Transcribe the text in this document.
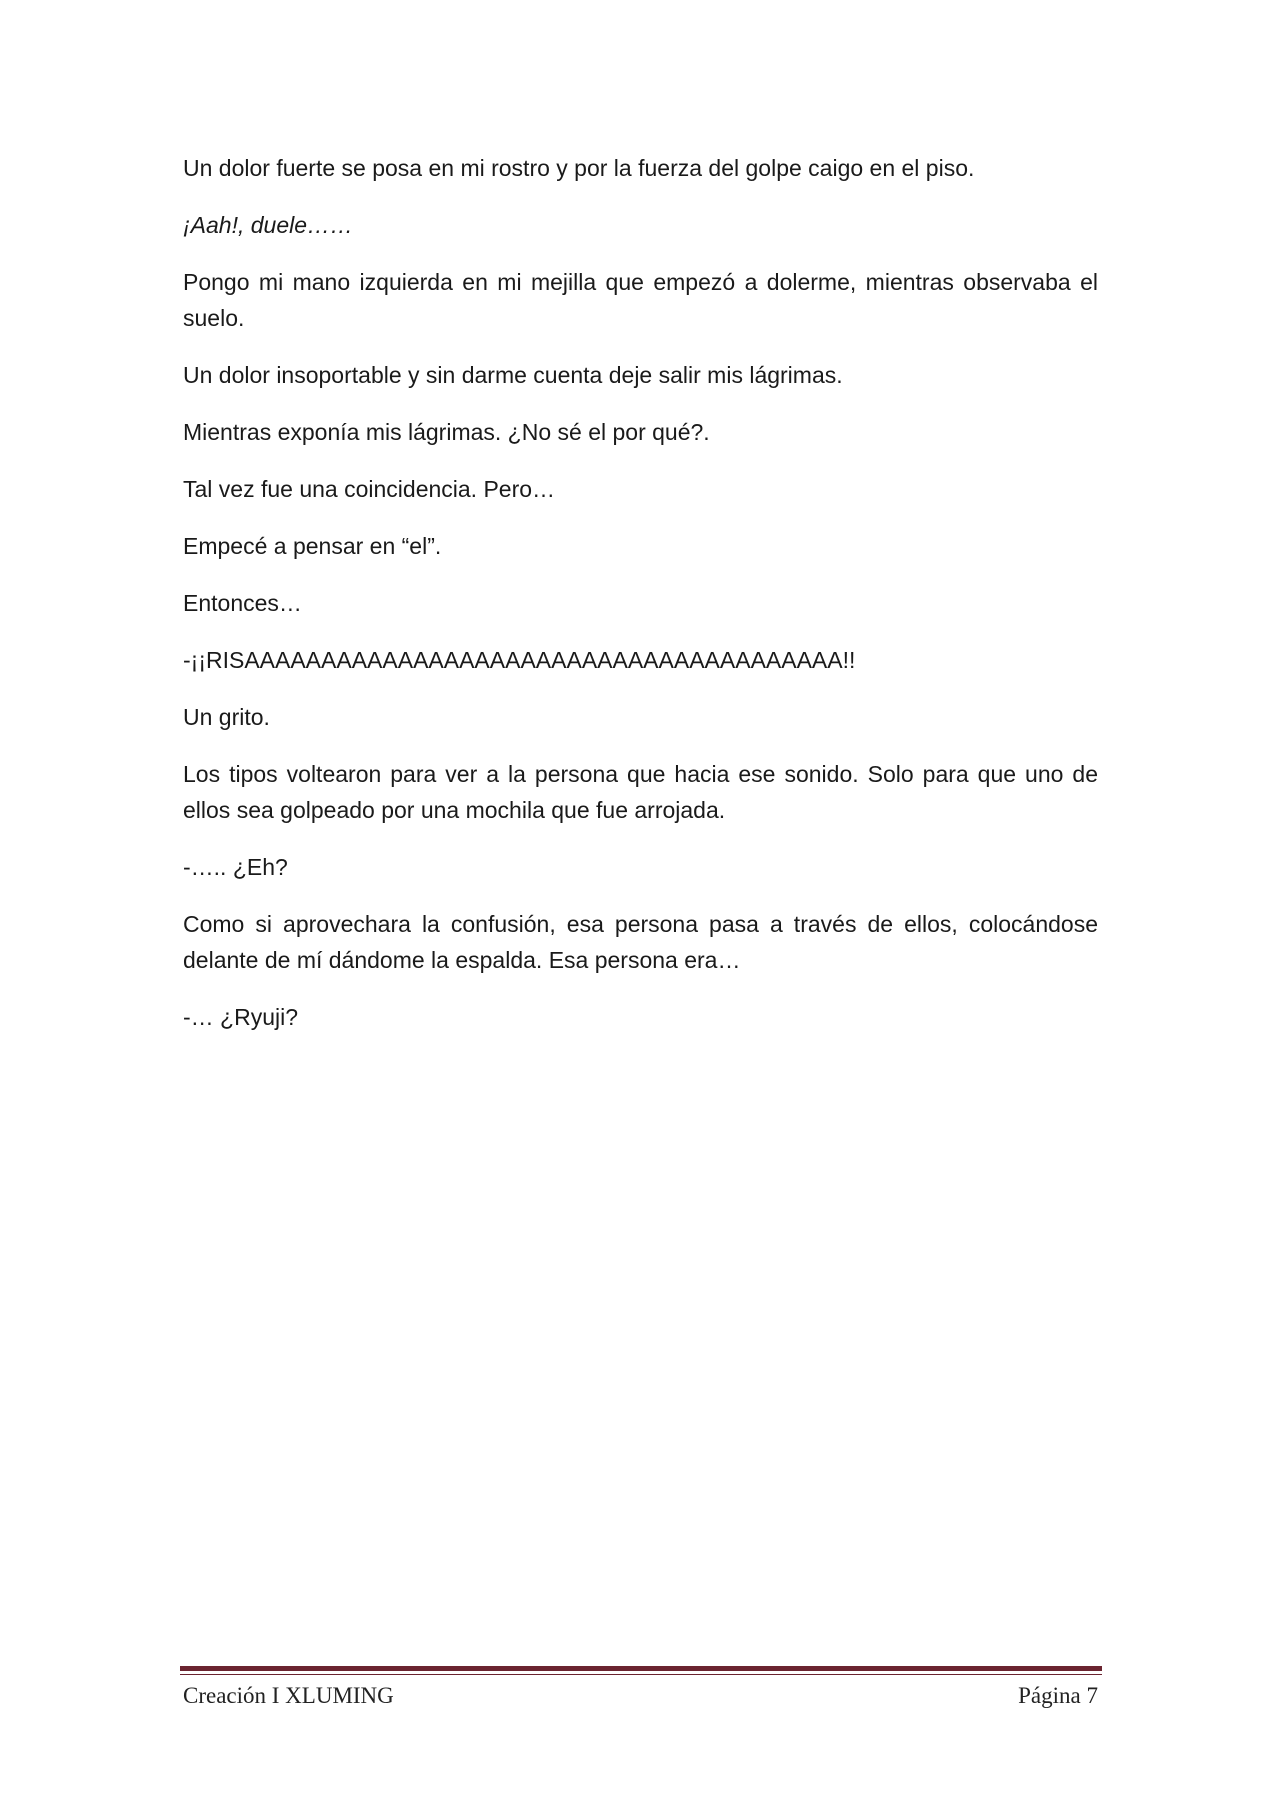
Un dolor fuerte se posa en mi rostro y por la fuerza del golpe caigo en el piso.

¡Aah!, duele……

Pongo mi mano izquierda en mi mejilla que empezó a dolerme, mientras observaba el suelo.

Un dolor insoportable y sin darme cuenta deje salir mis lágrimas.

Mientras exponía mis lágrimas. ¿No sé el por qué?.

Tal vez fue una coincidencia. Pero…

Empecé a pensar en “el”.

Entonces…

-¡¡RISAAAAAAAAAAAAAAAAAAAAAAAAAAAAAAAAAAAAAAA!!

Un grito.

Los tipos voltearon para ver a la persona que hacia ese sonido. Solo para que uno de ellos sea golpeado por una mochila que fue arrojada.

-….. ¿Eh?

Como si aprovechara la confusión, esa persona pasa a través de ellos, colocándose delante de mí dándome la espalda. Esa persona era…

-… ¿Ryuji?

Creación I XLUMING	Página 7
